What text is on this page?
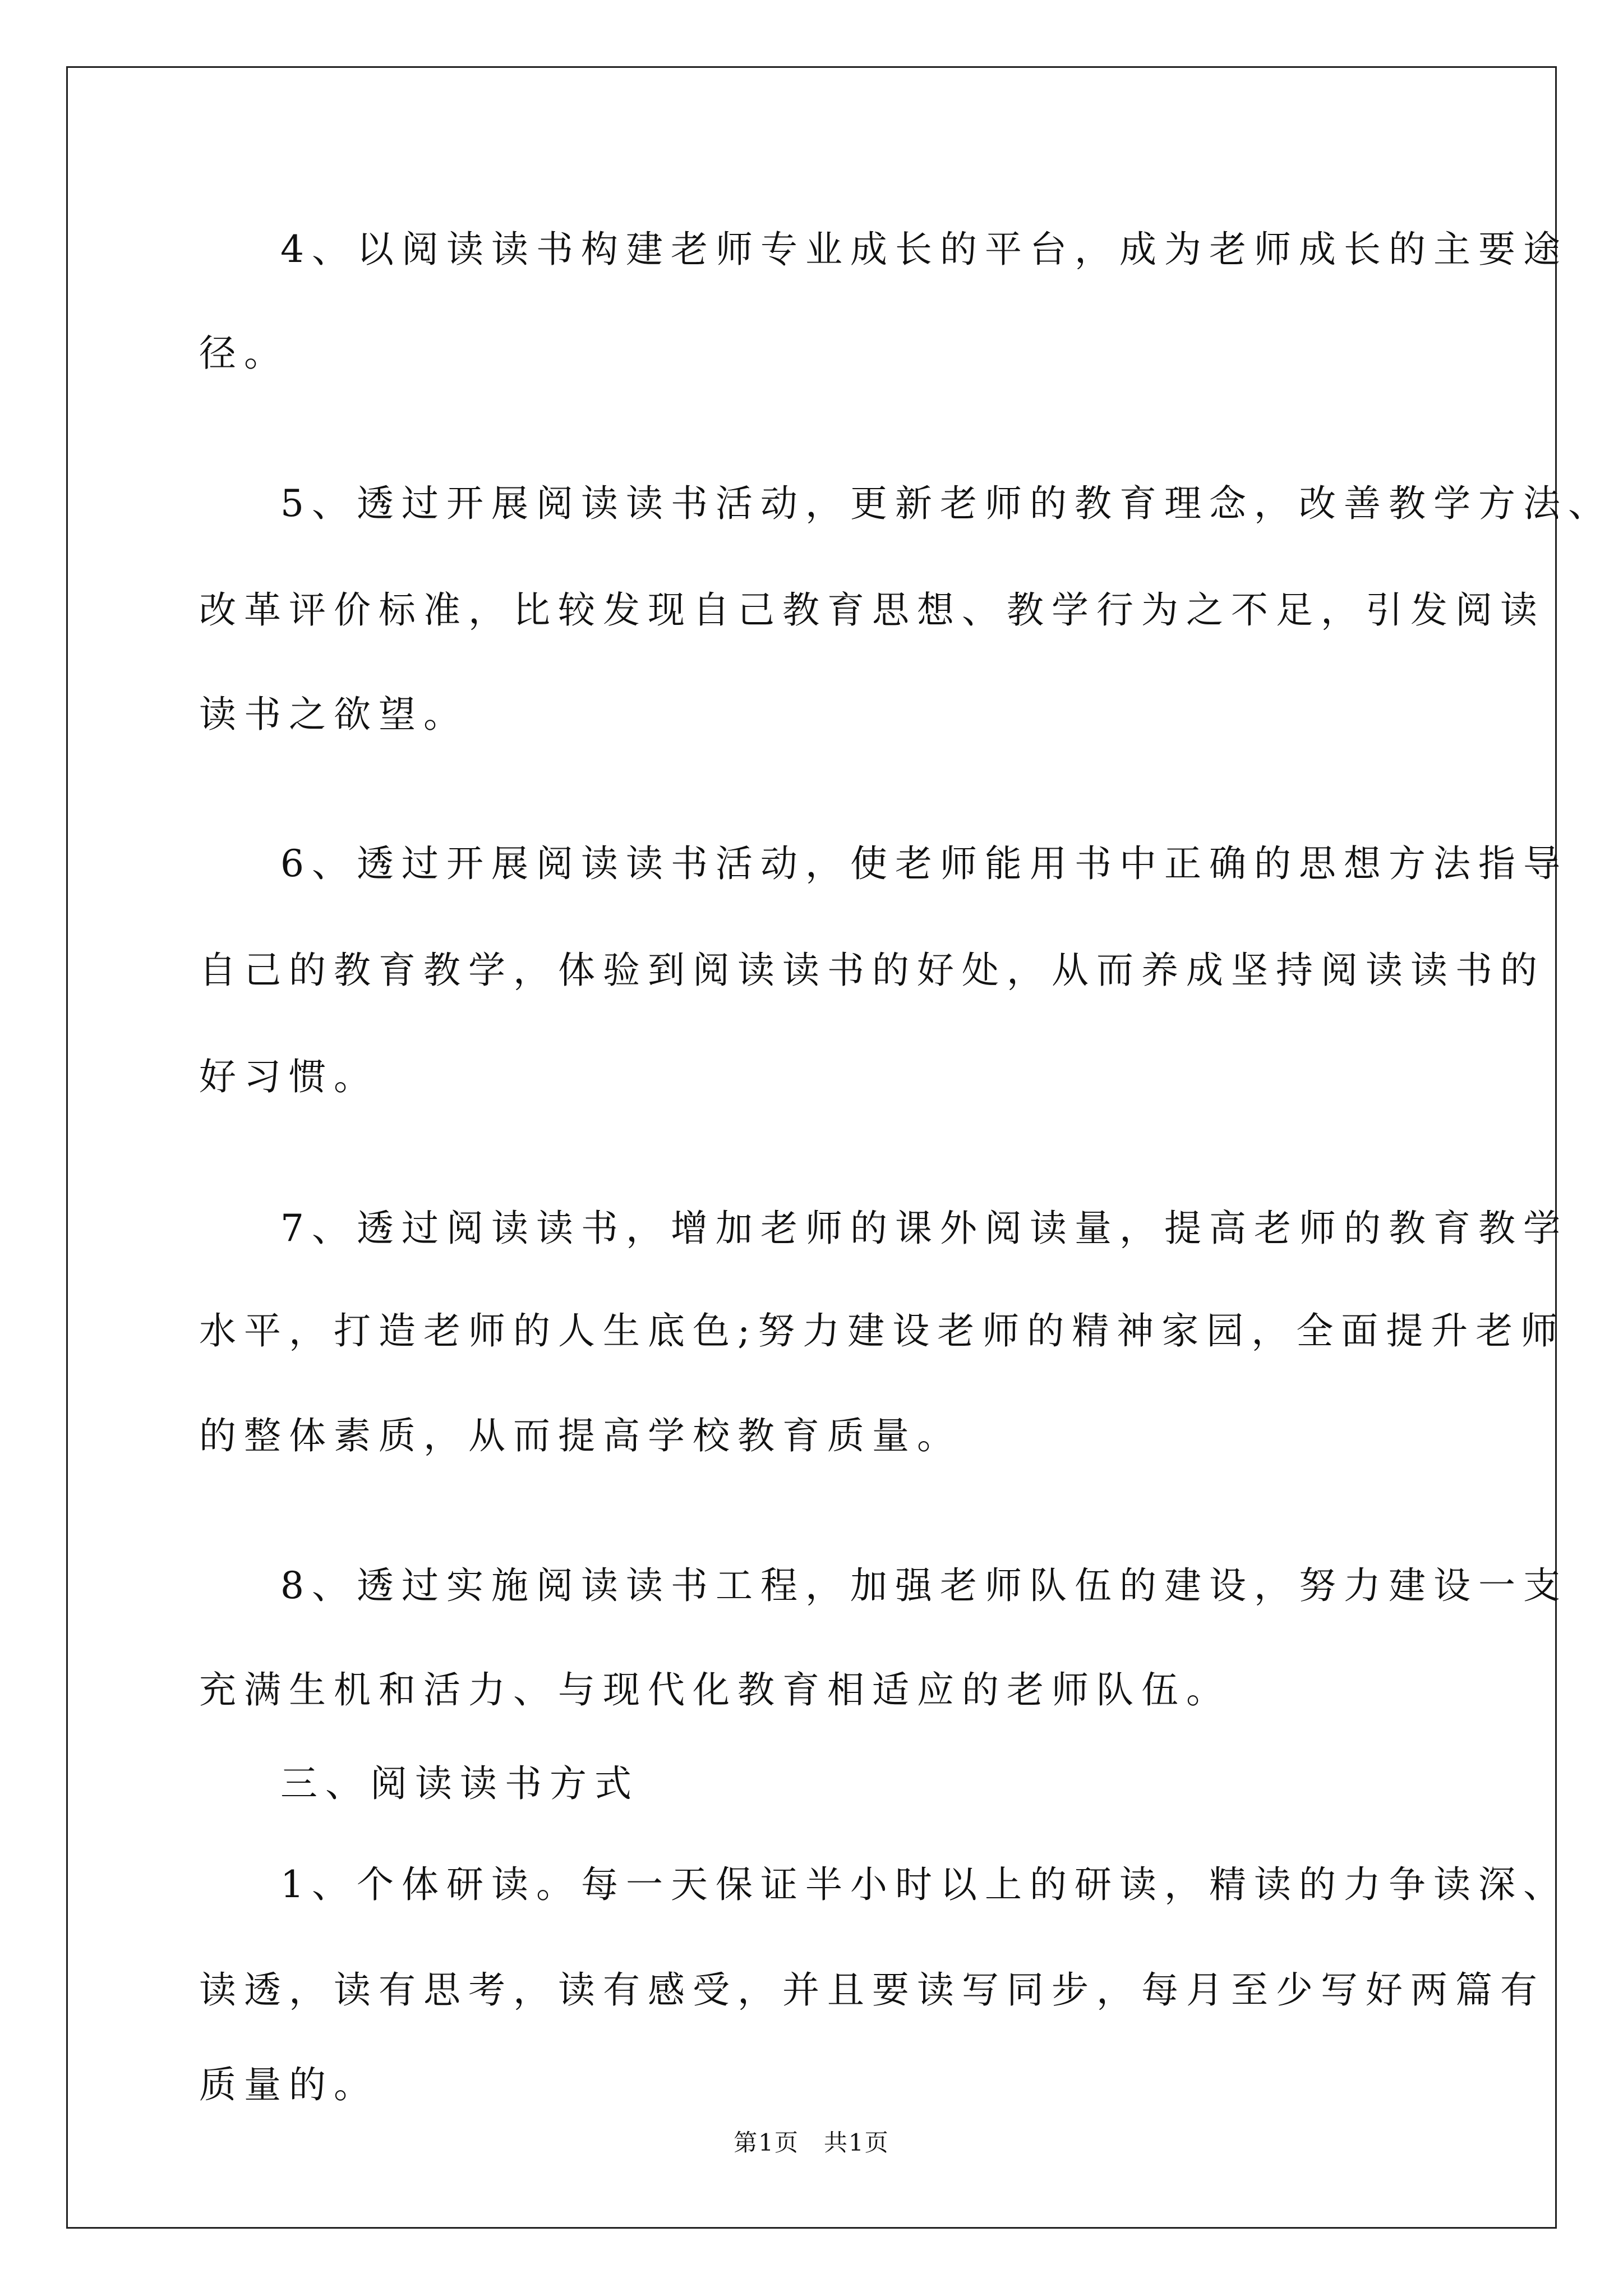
4、以阅读读书构建老师专业成长的平台，成为老师成长的主要途
径。
5、透过开展阅读读书活动，更新老师的教育理念，改善教学方法、
改革评价标准，比较发现自己教育思想、教学行为之不足，引发阅读
读书之欲望。
6、透过开展阅读读书活动，使老师能用书中正确的思想方法指导
自己的教育教学，体验到阅读读书的好处，从而养成坚持阅读读书的
好习惯。
7、透过阅读读书，增加老师的课外阅读量，提高老师的教育教学
水平，打造老师的人生底色;努力建设老师的精神家园，全面提升老师
的整体素质，从而提高学校教育质量。
8、透过实施阅读读书工程，加强老师队伍的建设，努力建设一支
充满生机和活力、与现代化教育相适应的老师队伍。
三、阅读读书方式
1、个体研读。每一天保证半小时以上的研读，精读的力争读深、
读透，读有思考，读有感受，并且要读写同步，每月至少写好两篇有
质量的。
第1页　共1页
